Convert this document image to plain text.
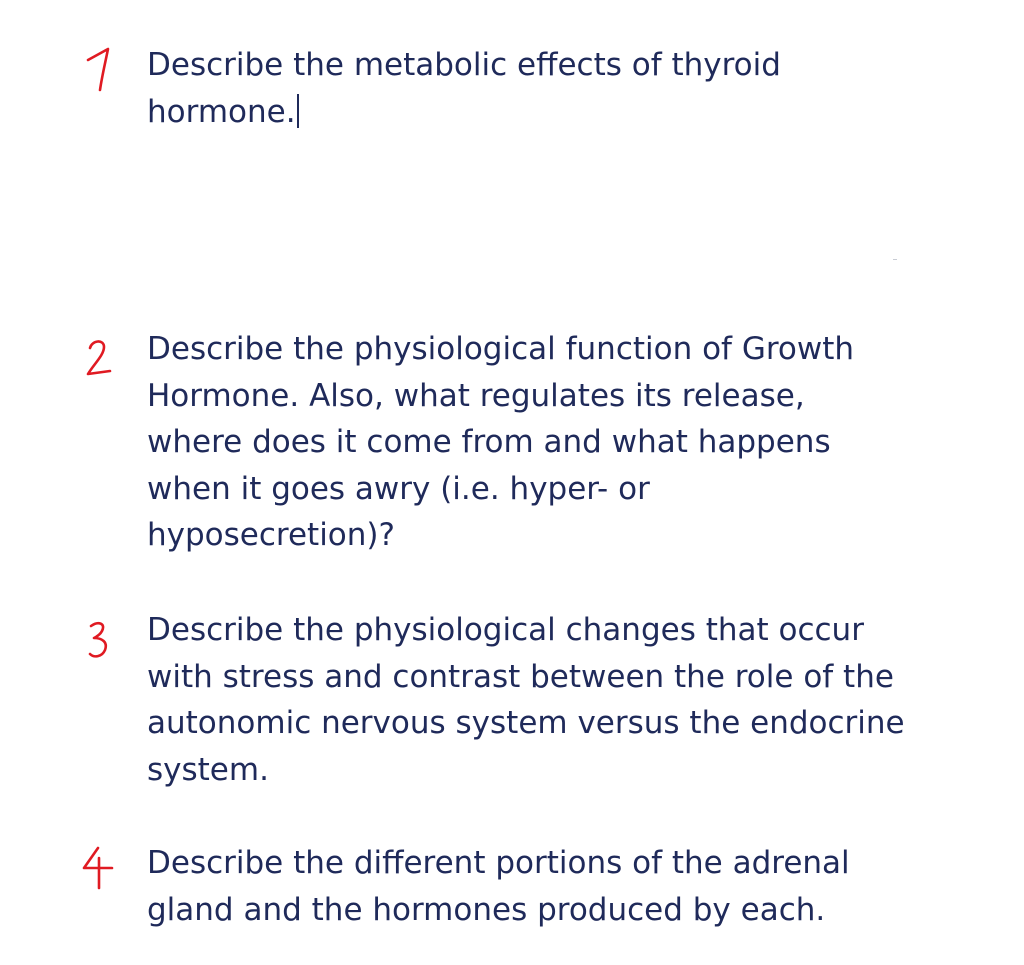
Describe the metabolic effects of thyroid
hormone.

Describe the physiological function of Growth
Hormone. Also, what regulates its release,
where does it come from and what happens
when it goes awry (i.e. hyper- or
hyposecretion)?

Describe the physiological changes that occur
with stress and contrast between the role of the
autonomic nervous system versus the endocrine
system.

Describe the different portions of the adrenal
gland and the hormones produced by each.
